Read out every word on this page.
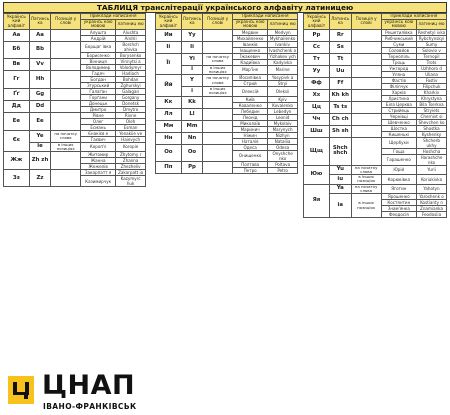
ТАБЛИЦЯ транслітерації українського алфавіту латиницею
Українсь кий алфавіт	Латинсь ка	Позиція у слові	Приклади написання	
			українсь кою мовою	латиниц ею
Аа	Aa		Алушта	Alushta
			Андрій	Andrii
Бб	Bb		Борщаг івка	Borshch ahivka
			Борисенко	Borysenko
Вв	Vv		Вінниця	Vinnytsi a
			Володимир	Volodymyr
Гг	Hh		Гадяч	Hadiach
			Богдан	Bohdan
			Згурський	Zghurskyi
Ґґ	Gg		Ґалаґан	Galagan
			Ґорґани	Gorgany
Дд	Dd		Донецьк	Donetsk
			Дмитро	Dmytro
Ее	Ee		Рівне	Rivne
			Олег	Oleh
			Есмань	Esman
Єє	Ye	на початку слова	Єнакієв е	Yenakiie ve
			Гаєвич	Haievych
	ie	в інших позиціях	Короп'є	Koropie
Жж	Zh zh		Житомир	Zhytomy r
			Жанна	Zhanna
			Жежелів	Zhezheliv
Зз	Zz		Закарпатт я	Zakarpatt ia
			Казимирчук	Kazymyrc huk
Українсь кий алфавіт	Латинсь ка	Позиція у слові	Приклади написання	
			українсь кою мовою	латиниц ею
Ии	Yy		Медвин	Medvyn
			Михайленко	Mykhailenko
Іі	Ii		Іванків	Ivankiv
			Іващенко	Ivashchenk o
Її	Yi	на початку слова	Їжакевич	Yizhakev ych
			Кадиївка	Kadyivka
	i	в інших позиціях	Мар'їне	Marine
Йй	Y	на початку слова	Йосипівка	Yosypivk a
			Стрий	Stryi
	i	в інших позиціях	Олексій	Oleksii
Кк	Kk		Київ	Kyiv
			Коваленко	Kovalenko
Лл	Ll		Лебедин	Lebedyn
			Леонід	Leonid
Мм	Mm		Миколаїв	Mykolaiv
			Маринич	Marynych
Нн	Nn		Ніжин	Nizhyn
			Наталія	Nataliia
Оо	Oo		Одеса	Odesa
			Онищенко	Onyshche nko
Пп	Pp		Полтава	Poltava
			Петро	Petro
Українсь кий алфавіт	Латинсь ка	Позиція у слові	Приклади написання	
			українсь кою мовою	латиниц ею
Рр	Rr		Решетилівка	Reshetyl ivka
			Рибчинський	Rybchynskyi
Сс	Ss		Суми	Sumy
			Соловйов	Solovio v
Тт	Tt		Тернопіль	Ternopil
			Троць	Trots
Уу	Uu		Ужгород	Uzhhoro d
			Уляна	Uliana
Фф	Ff		Фастів	Fastiv
			Філіпчук	Filipchuk
Хх	Kh kh		Харків	Kharkiv
			Христина	Khrystyna
Цц	Ts ts		Біла Церква	Bila Tserkva
			Стрийець	Stryiets
Чч	Ch ch		Чернівці	Chernivt si
			Шевченко	Shevchen ko
Шш	Sh sh		Шостка	Shostka
			Кишенькі	Kyshenky
Щщ	Shch shch		Щербухи	Shcherb ukhy
			Гоща	Hoshcha
			Гарашенко	Harashche nko
Юю	Yu	на початку слова	Юрій	Yurii
	iu	в інших позиціях	Корюківка	Koriukivka
Яя	Ya	на початку слова	Яготин	Yahotyn
	ia	в інших позиціях	Ярошенко	Yaroshenk o
			Костянтин	Kostianty n
			Знам'янка	Znamianka
			Феодосія	Feodosiia
ЦНАП
ІВАНО-ФРАНКІВСЬК
